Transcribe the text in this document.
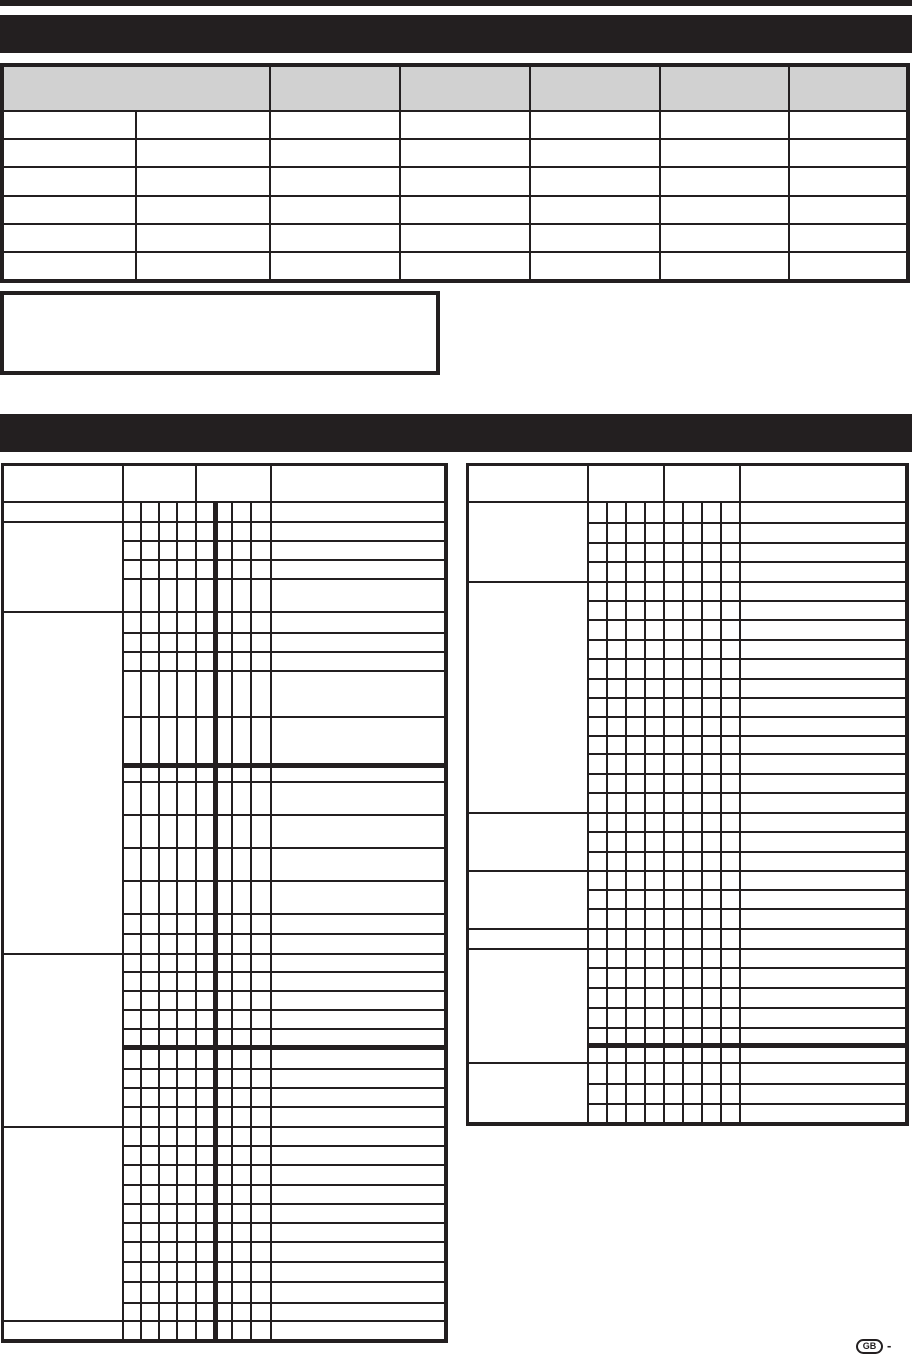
GB -
